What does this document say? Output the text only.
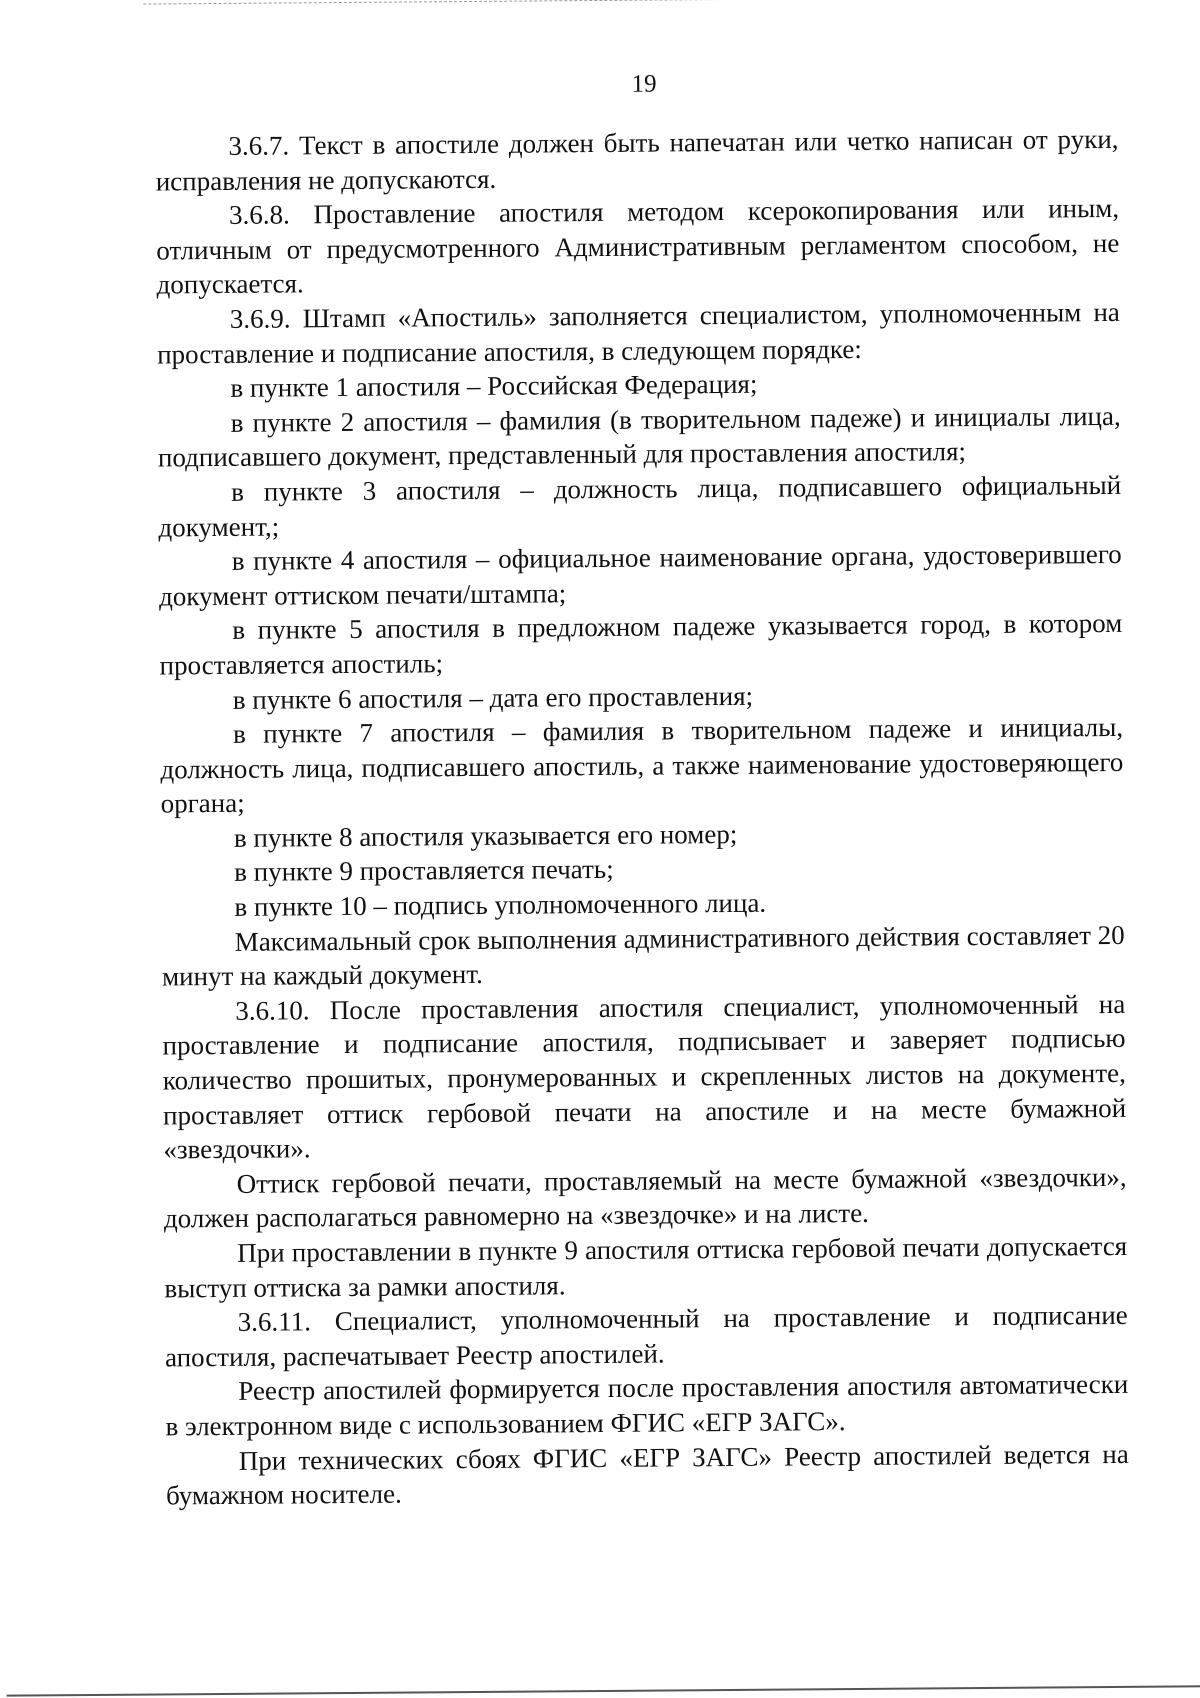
19

3.6.7. Текст в апостиле должен быть напечатан или четко написан от руки, исправления не допускаются.

3.6.8. Проставление апостиля методом ксерокопирования или иным, отличным от предусмотренного Административным регламентом способом, не допускается.

3.6.9. Штамп «Апостиль» заполняется специалистом, уполномоченным на проставление и подписание апостиля, в следующем порядке:

в пункте 1 апостиля – Российская Федерация;

в пункте 2 апостиля – фамилия (в творительном падеже) и инициалы лица, подписавшего документ, представленный для проставления апостиля;

в пункте 3 апостиля – должность лица, подписавшего официальный документ,;

в пункте 4 апостиля – официальное наименование органа, удостоверившего документ оттиском печати/штампа;

в пункте 5 апостиля в предложном падеже указывается город, в котором проставляется апостиль;

в пункте 6 апостиля – дата его проставления;

в пункте 7 апостиля – фамилия в творительном падеже и инициалы, должность лица, подписавшего апостиль, а также наименование удостоверяющего органа;

в пункте 8 апостиля указывается его номер;

в пункте 9 проставляется печать;

в пункте 10 – подпись уполномоченного лица.

Максимальный срок выполнения административного действия составляет 20 минут на каждый документ.

3.6.10. После проставления апостиля специалист, уполномоченный на проставление и подписание апостиля, подписывает и заверяет подписью количество прошитых, пронумерованных и скрепленных листов на документе, проставляет оттиск гербовой печати на апостиле и на месте бумажной «звездочки».

Оттиск гербовой печати, проставляемый на месте бумажной «звездочки», должен располагаться равномерно на «звездочке» и на листе.

При проставлении в пункте 9 апостиля оттиска гербовой печати допускается выступ оттиска за рамки апостиля.

3.6.11. Специалист, уполномоченный на проставление и подписание апостиля, распечатывает Реестр апостилей.

Реестр апостилей формируется после проставления апостиля автоматически в электронном виде с использованием ФГИС «ЕГР ЗАГС».

При технических сбоях ФГИС «ЕГР ЗАГС» Реестр апостилей ведется на бумажном носителе.
